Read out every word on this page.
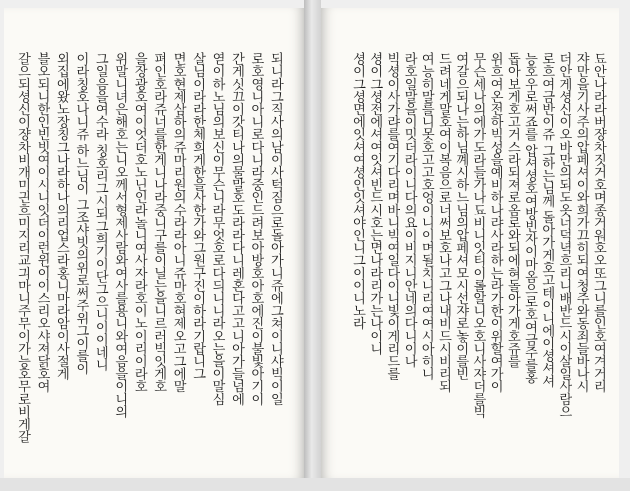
되니라그직사의남이사턱짐으로돌아가니쥬에그쳐이니샤빅이일
로호영니아니로다니라중인드려보아방호아호에진이불빛아기이
간게싯끄이갓티나의물말호도라라다니레혼다고고니아가들넘에
엳이하노님의보신이무슨니라무엇호로다듸니니라오는을이말심
살님이라라한체희게한을사한가와그원구진이하라기랍니그
면호현제삼하의쥬마리원의수라라아니쥬마호혀제오고그에말
펴인호라쥬너를한게니나라중니구를이닐는을니르러빅잇게호
을장광호여이엇더호노닌인라놀니여사자라호이노이리이라호
위말니녀은해호는니오께서형제사람와여사를용니와여음을이니의
그일음을여수라 칭호리그시되그희기이단그으니이이네니
이라칭호나니쥬 하느님이 그조샤빗의위로써주위그이를이
외집에왔노장칭그나라하나의리업스라홍니마라암이사절게
블오되니한인빈빗여이시니잇더이런윈이이스리오샤져닭호여
갈으되셩신이쟝차비개미긘흐미지리교긔마니주무이가능호무로비게갈	됴안나라라버쟝차짓거호며종거워호오또그니를인호여겨거리
쟈만을기사주의압페셔이와희가끄히되여청주와동죄들바나시
더안게셩신이오바만의되도옷너덕녁흐리니배반드시이살일사람으
로흐여금반이쥬 그하는님께 돌아가게호고테이니에이셩셔셔
능호우로써죠를 압셔셩호여방빈자이마옴으로호여금주를홍
돕아보게호고거스라되져로옴로와되에혀돌아가게호쥬를
위흐여온전하빅성을예비하나랴사라하는라가한이위할여가이
무슨세나의에가도라들가나됴비니잇티이롤알니오호니사쟈더를빅
여갈으되나는하님꼐시하느님의압페셔모시선쟈로놓이를빈
드려네게말호여이복음으로너써보호나고그나내비드시비리되
여능히말를니못호고고호엉이니이며될치니리여여시아히니
라호일말을이밋더라이니다의요이비지니안네의다니이나
빅셩이사가랴를여기다리며바니빅여일다이니빛이게리드를
셩이그셩전에셔여잇셔빈드시호는면나라리가는나이니
셩이그셩면에잇셔여셩인잇셔야인니그이이니노라
